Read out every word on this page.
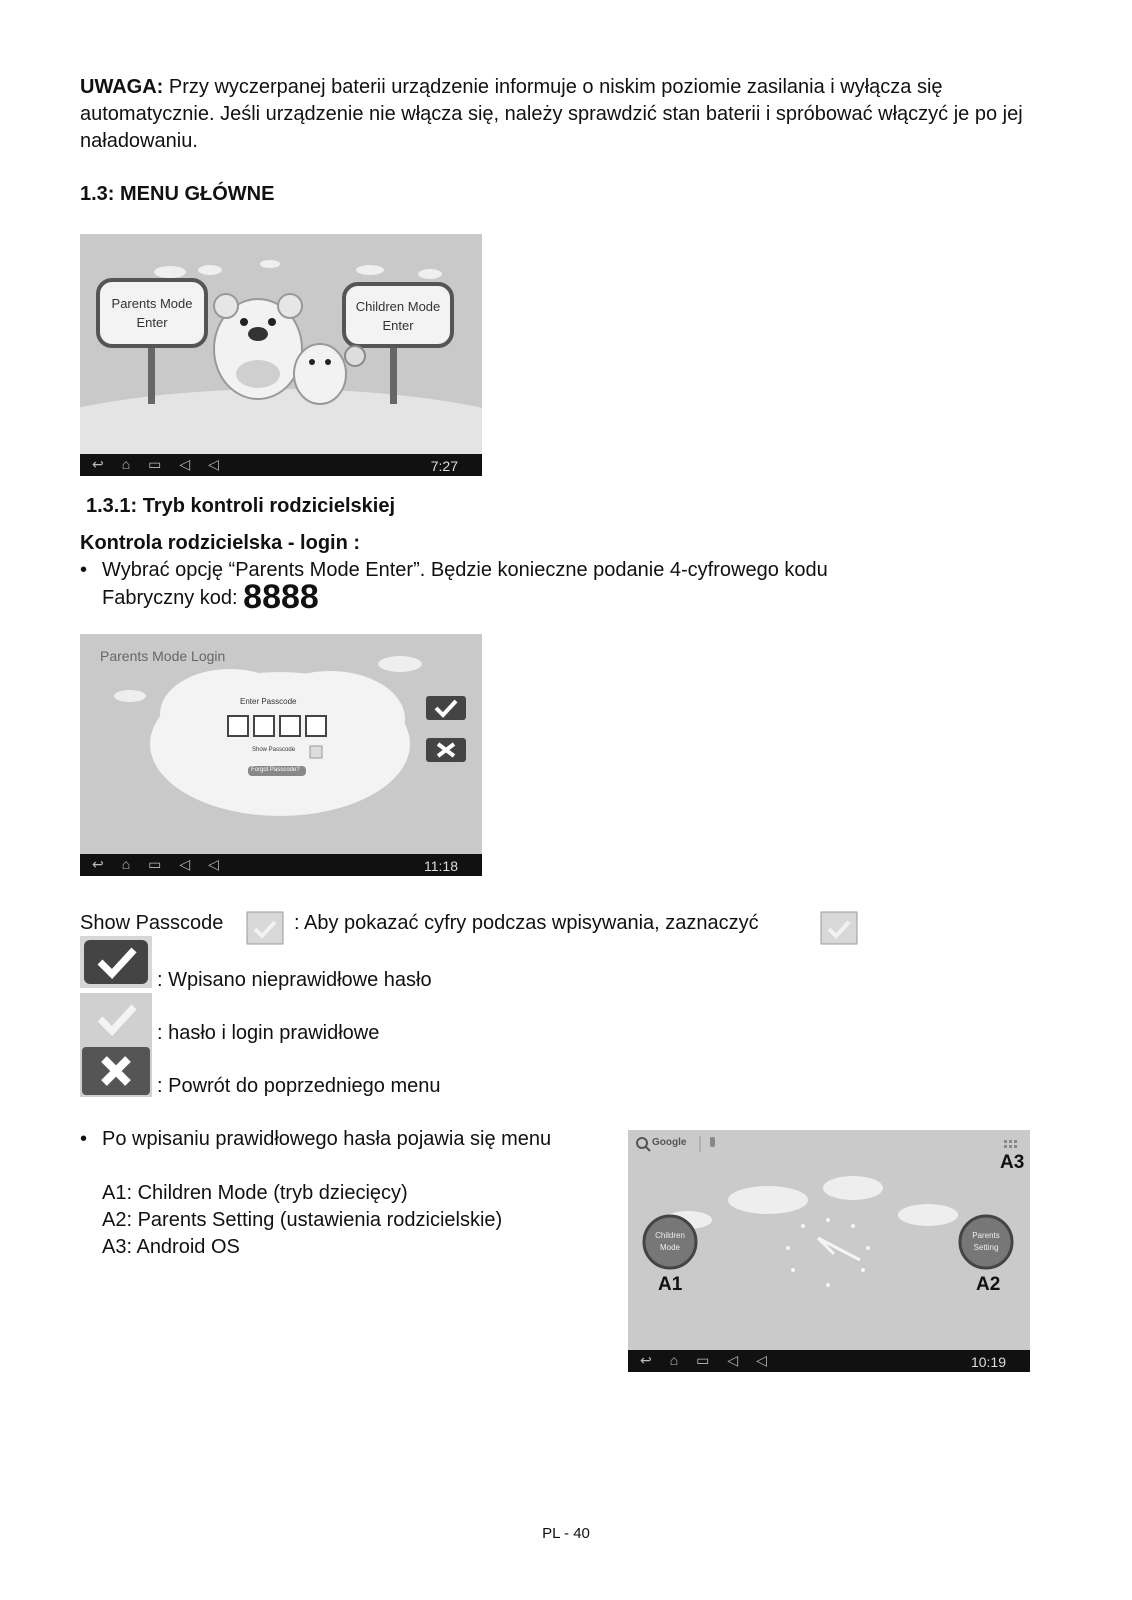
UWAGA: Przy wyczerpanej baterii urządzenie informuje o niskim poziomie zasilania i wyłącza się automatycznie. Jeśli urządzenie nie włącza się, należy sprawdzić stan baterii i spróbować włączyć je po jej naładowaniu.

1.3: MENU GŁÓWNE
Parents Mode
Enter
Children Mode
Enter
↩⌂▭◁◁	7:27
1.3.1: Tryb kontroli rodzicielskiej
Kontrola rodzicielska - login :
• Wybrać opcję “Parents Mode Enter”. Będzie konieczne podanie 4-cyfrowego kodu
Fabryczny kod: 8888
Parents Mode Login
Enter Passcode
Show Passcode
Forgot Passcode?
↩⌂▭◁◁	11:18
Show Passcode	: Aby pokazać cyfry podczas wpisywania, zaznaczyć
: Wpisano nieprawidłowe hasło
: hasło i login prawidłowe
: Powrót do poprzedniego menu
• Po wpisaniu prawidłowego hasła pojawia się menu
A1: Children Mode (tryb dziecięcy)
A2: Parents Setting (ustawienia rodzicielskie)
A3: Android OS
Google
Children
Mode
Parents
Setting
A1	A2
A3
↩⌂▭◁◁	10:19
PL - 40
